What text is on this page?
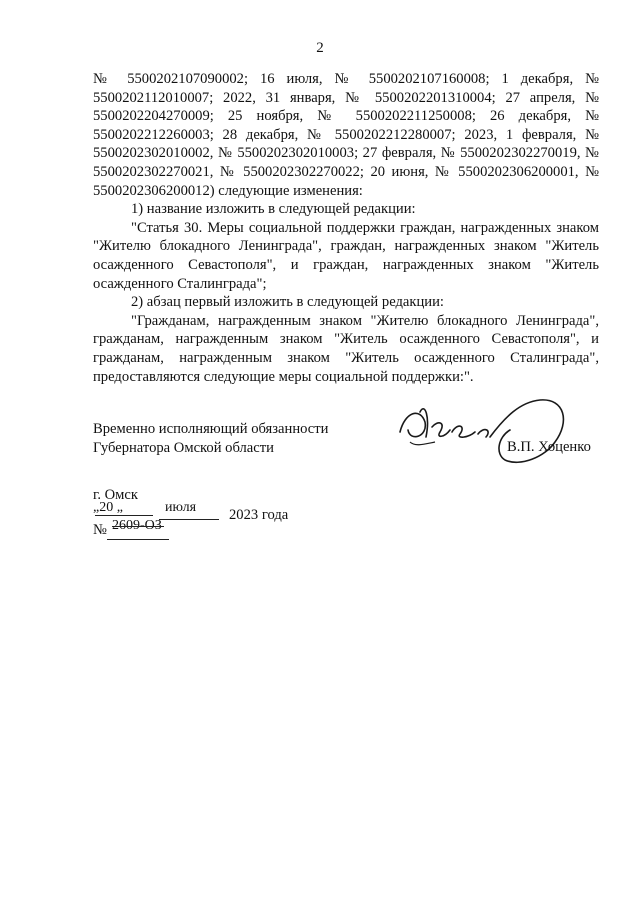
2

№ 5500202107090002; 16 июля, № 5500202107160008; 1 декабря, № 5500202112010007; 2022, 31 января, № 5500202201310004; 27 апреля, № 5500202204270009; 25 ноября, № 5500202211250008; 26 декабря, № 5500202212260003; 28 декабря, № 5500202212280007; 2023, 1 февраля, № 5500202302010002, № 5500202302010003; 27 февраля, № 5500202302270019, № 5500202302270021, № 5500202302270022; 20 июня, № 5500202306200001, № 5500202306200012) следующие изменения:

1) название изложить в следующей редакции:

"Статья 30. Меры социальной поддержки граждан, награжденных знаком "Жителю блокадного Ленинграда", граждан, награжденных знаком "Житель осажденного Севастополя", и граждан, награжденных знаком "Житель осажденного Сталинграда";

2) абзац первый изложить в следующей редакции:

"Гражданам, награжденным знаком "Жителю блокадного Ленинграда", гражданам, награжденным знаком "Житель осажденного Севастополя", и гражданам, награжденным знаком "Житель осажденного Сталинграда", предоставляются следующие меры социальной поддержки:".

Временно исполняющий обязанности
Губернатора Омской области	В.П. Хоценко
г. Омск
„20 „	июля 2023 года
№ 2609-ОЗ
